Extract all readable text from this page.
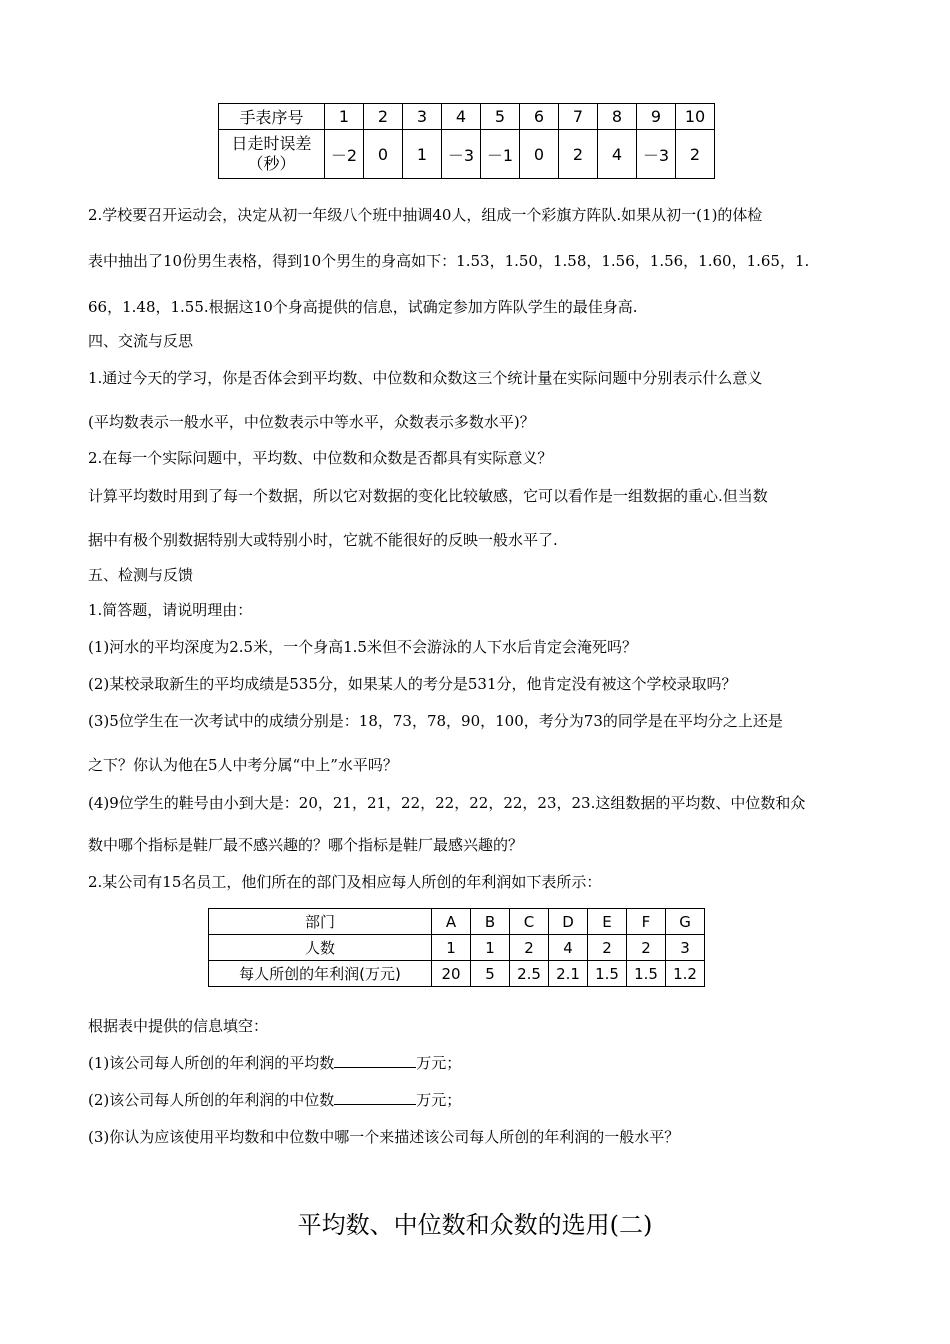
手表序号	1	2	3	4	5	6	7	8	9	10

日走时误差
（秒）	－2	0	1	－3	－1	0	2	4	－3	2
2.学校要召开运动会，决定从初一年级八个班中抽调40人，组成一个彩旗方阵队.如果从初一(1)的体检
表中抽出了10份男生表格，得到10个男生的身高如下：1.53，1.50，1.58，1.56，1.56，1.60，1.65，1.
66，1.48，1.55.根据这10个身高提供的信息，试确定参加方阵队学生的最佳身高.
四、交流与反思
1.通过今天的学习，你是否体会到平均数、中位数和众数这三个统计量在实际问题中分别表示什么意义
(平均数表示一般水平，中位数表示中等水平，众数表示多数水平)？
2.在每一个实际问题中，平均数、中位数和众数是否都具有实际意义？
计算平均数时用到了每一个数据，所以它对数据的变化比较敏感，它可以看作是一组数据的重心.但当数
据中有极个别数据特别大或特别小时，它就不能很好的反映一般水平了.
五、检测与反馈
1.简答题，请说明理由：
(1)河水的平均深度为2.5米，一个身高1.5米但不会游泳的人下水后肯定会淹死吗？
(2)某校录取新生的平均成绩是535分，如果某人的考分是531分，他肯定没有被这个学校录取吗？
(3)5位学生在一次考试中的成绩分别是：18，73，78，90，100，考分为73的同学是在平均分之上还是
之下？你认为他在5人中考分属“中上”水平吗？
(4)9位学生的鞋号由小到大是：20，21，21，22，22，22，22，23，23.这组数据的平均数、中位数和众
数中哪个指标是鞋厂最不感兴趣的？哪个指标是鞋厂最感兴趣的？
2.某公司有15名员工，他们所在的部门及相应每人所创的年利润如下表所示：
部门	A	B	C	D	E	F	G
人数	1	1	2	4	2	2	3
每人所创的年利润(万元)	20	5	2.5	2.1	1.5	1.5	1.2
根据表中提供的信息填空：
(1)该公司每人所创的年利润的平均数	万元；
(2)该公司每人所创的年利润的中位数	万元；
(3)你认为应该使用平均数和中位数中哪一个来描述该公司每人所创的年利润的一般水平？
平均数、中位数和众数的选用(二)
